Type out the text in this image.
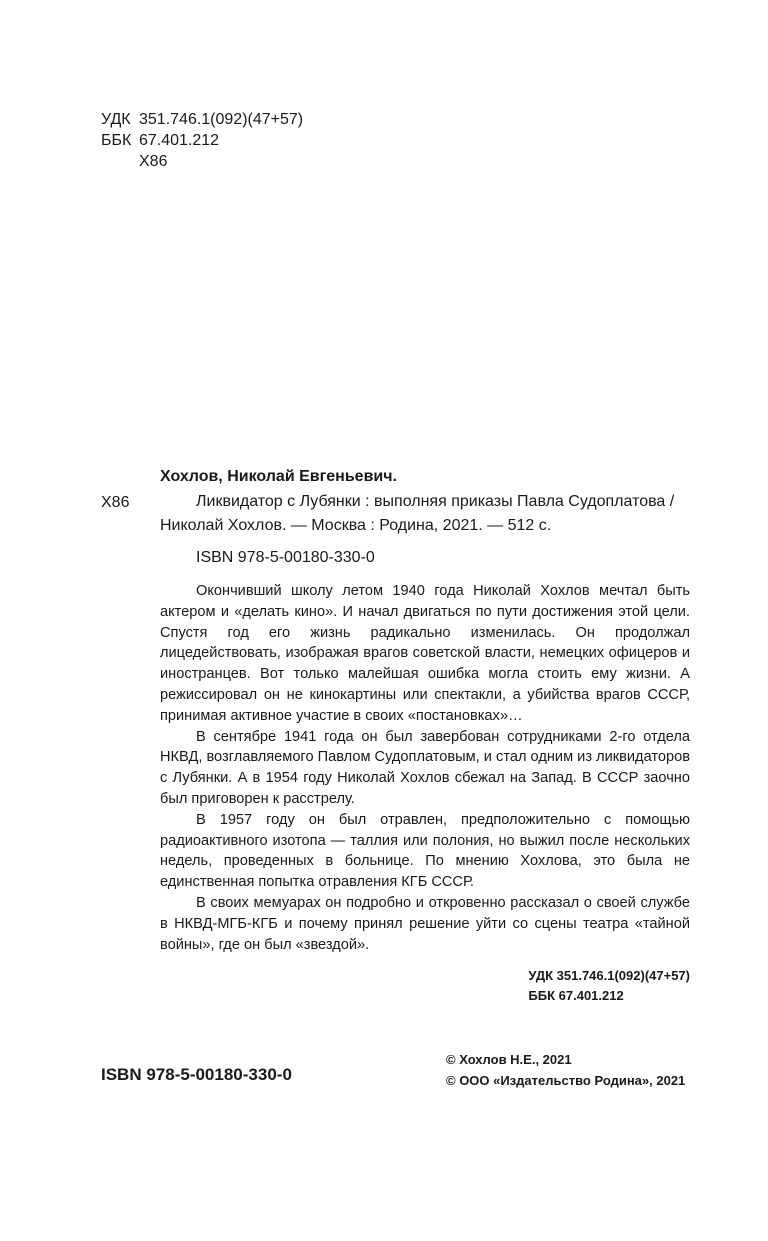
УДК 351.746.1(092)(47+57)
ББК 67.401.212
Х86
Хохлов, Николай Евгеньевич.
Х86	Ликвидатор с Лубянки : выполняя приказы Павла Судоплатова /
Николай Хохлов. — Москва : Родина, 2021. — 512 с.
ISBN 978-5-00180-330-0

Окончивший школу летом 1940 года Николай Хохлов мечтал быть актером и «делать кино». И начал двигаться по пути достижения этой цели. Спустя год его жизнь радикально изменилась. Он продолжал лицедействовать, изображая врагов советской власти, немецких офицеров и иностранцев. Вот только малейшая ошибка могла стоить ему жизни. А режиссировал он не кинокартины или спектакли, а убийства врагов СССР, принимая активное участие в своих «постановках»…

В сентябре 1941 года он был завербован сотрудниками 2-го отдела НКВД, возглавляемого Павлом Судоплатовым, и стал одним из ликвидаторов с Лубянки. А в 1954 году Николай Хохлов сбежал на Запад. В СССР заочно был приговорен к расстрелу.

В 1957 году он был отравлен, предположительно с помощью радиоактивного изотопа — таллия или полония, но выжил после нескольких недель, проведенных в больнице. По мнению Хохлова, это была не единственная попытка отравления КГБ СССР.

В своих мемуарах он подробно и откровенно рассказал о своей службе в НКВД-МГБ-КГБ и почему принял решение уйти со сцены театра «тайной войны», где он был «звездой».

УДК 351.746.1(092)(47+57)
ББК 67.401.212
ISBN 978-5-00180-330-0
© Хохлов Н.Е., 2021
© ООО «Издательство Родина», 2021
